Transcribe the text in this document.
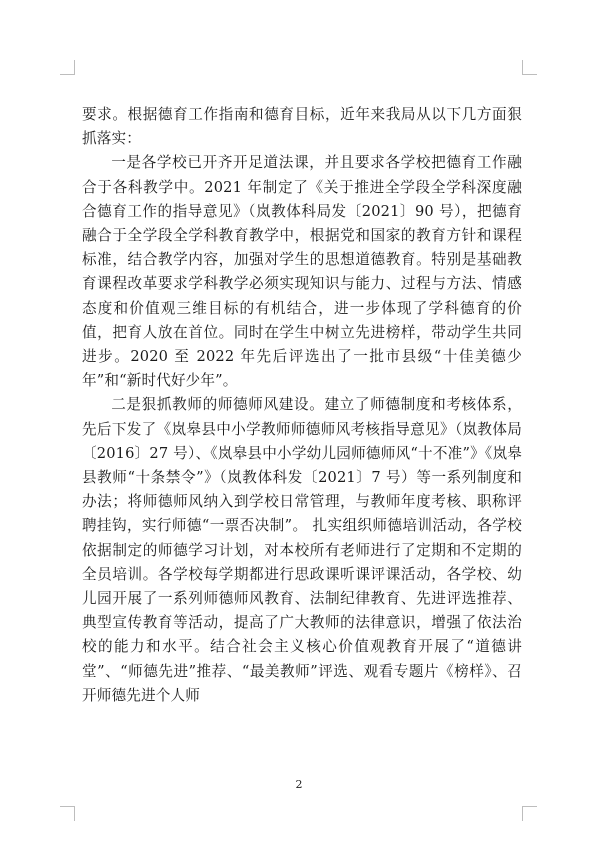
要求。根据德育工作指南和德育目标，近年来我局从以下几方面狠抓落实：

一是各学校已开齐开足道法课，并且要求各学校把德育工作融合于各科教学中。2021 年制定了《关于推进全学段全学科深度融合德育工作的指导意见》（岚教体科局发〔2021〕90 号），把德育融合于全学段全学科教育教学中，根据党和国家的教育方针和课程标准，结合教学内容，加强对学生的思想道德教育。特别是基础教育课程改革要求学科教学必须实现知识与能力、过程与方法、情感态度和价值观三维目标的有机结合，进一步体现了学科德育的价值，把育人放在首位。同时在学生中树立先进榜样，带动学生共同进步。2020 至 2022 年先后评选出了一批市县级“十佳美德少年”和“新时代好少年”。

二是狠抓教师的师德师风建设。建立了师德制度和考核体系，先后下发了《岚皋县中小学教师师德师风考核指导意见》（岚教体局〔2016〕27 号）、《岚皋县中小学幼儿园师德师风“十不准”》《岚皋县教师“十条禁令”》（岚教体科发〔2021〕7 号）等一系列制度和办法；将师德师风纳入到学校日常管理，与教师年度考核、职称评聘挂钩，实行师德“一票否决制”。 扎实组织师德培训活动，各学校依据制定的师德学习计划，对本校所有老师进行了定期和不定期的全员培训。各学校每学期都进行思政课听课评课活动，各学校、幼儿园开展了一系列师德师风教育、法制纪律教育、先进评选推荐、典型宣传教育等活动，提高了广大教师的法律意识，增强了依法治校的能力和水平。结合社会主义核心价值观教育开展了“道德讲堂”、“师德先进”推荐、“最美教师”评选、观看专题片《榜样》、召开师德先进个人师

2
